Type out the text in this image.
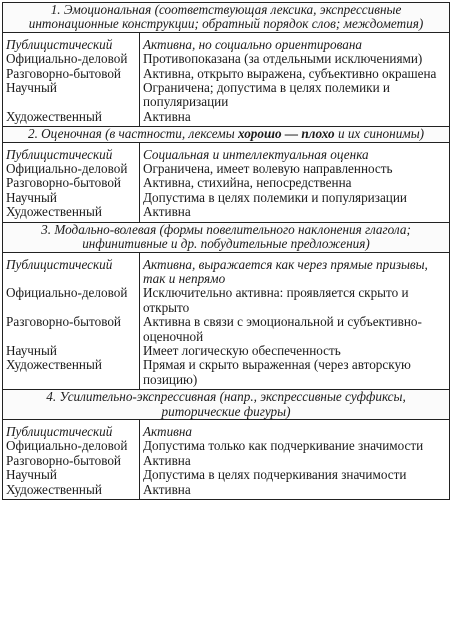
1. Эмоциональная (соответствующая лексика, экспрессивные интонационные конструкции; обратный порядок слов; междометия)	
Публицистический	Активна, но социально ориентирована
Официально-деловой	Противопоказана (за отдельными исключениями)
Разговорно-бытовой	Активна, открыто выражена, субъективно окрашена
Научный	Ограничена; допустима в целях полемики и популяризации
Художественный	Активна
2. Оценочная (в частности, лексемы хорошо — плохо и их синонимы)	
Публицистический	Социальная и интеллектуальная оценка
Официально-деловой	Ограничена, имеет волевую направленность
Разговорно-бытовой	Активна, стихийна, непосредственна
Научный	Допустима в целях полемики и популяризации
Художественный	Активна
3. Модально-волевая (формы повелительного наклонения глагола; инфинитивные и др. побудительные предложения)	
Публицистический	Активна, выражается как через прямые призывы, так и непрямо
Официально-деловой	Исключительно активна: проявляется скрыто и открыто
Разговорно-бытовой	Активна в связи с эмоциональной и субъективно-оценочной
Научный	Имеет логическую обеспеченность
Художественный	Прямая и скрыто выраженная (через авторскую позицию)
4. Усилительно-экспрессивная (напр., экспрессивные суффиксы, риторические фигуры)	
Публицистический	Активна
Официально-деловой	Допустима только как подчеркивание значимости
Разговорно-бытовой	Активна
Научный	Допустима в целях подчеркивания значимости
Художественный	Активна
